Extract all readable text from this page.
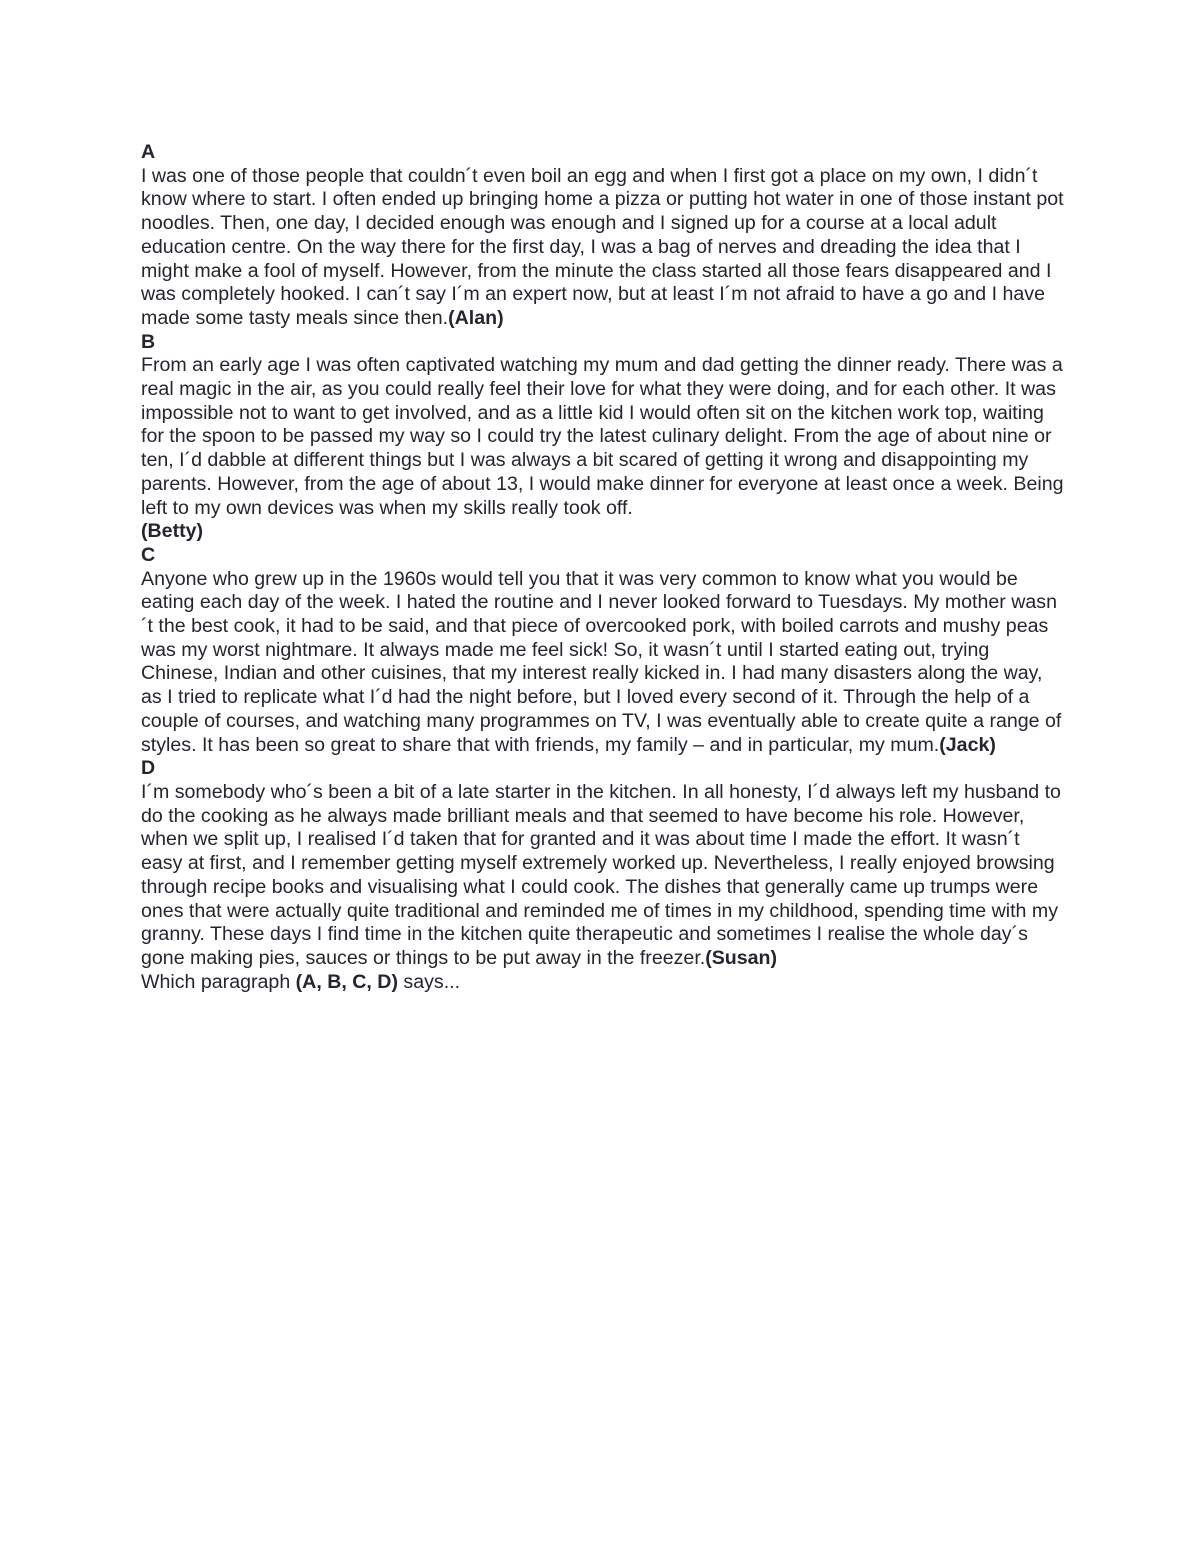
A

I was one of those people that couldn´t even boil an egg and when I first got a place on my own, I didn´t know where to start. I often ended up bringing home a pizza or putting hot water in one of those instant pot noodles. Then, one day, I decided enough was enough and I signed up for a course at a local adult education centre. On the way there for the first day, I was a bag of nerves and dreading the idea that I might make a fool of myself. However, from the minute the class started all those fears disappeared and I was completely hooked. I can´t say I´m an expert now, but at least I´m not afraid to have a go and I have made some tasty meals since then.(Alan)

B

From an early age I was often captivated watching my mum and dad getting the dinner ready. There was a real magic in the air, as you could really feel their love for what they were doing, and for each other. It was impossible not to want to get involved, and as a little kid I would often sit on the kitchen work top, waiting for the spoon to be passed my way so I could try the latest culinary delight. From the age of about nine or ten, I´d dabble at different things but I was always a bit scared of getting it wrong and disappointing my parents. However, from the age of about 13, I would make dinner for everyone at least once a week. Being left to my own devices was when my skills really took off.

(Betty)

C

Anyone who grew up in the 1960s would tell you that it was very common to know what you would be eating each day of the week. I hated the routine and I never looked forward to Tuesdays. My mother wasn´t the best cook, it had to be said, and that piece of overcooked pork, with boiled carrots and mushy peas was my worst nightmare. It always made me feel sick! So, it wasn´t until I started eating out, trying Chinese, Indian and other cuisines, that my interest really kicked in. I had many disasters along the way, as I tried to replicate what I´d had the night before, but I loved every second of it. Through the help of a couple of courses, and watching many programmes on TV, I was eventually able to create quite a range of styles. It has been so great to share that with friends, my family – and in particular, my mum.(Jack)

D

I´m somebody who´s been a bit of a late starter in the kitchen. In all honesty, I´d always left my husband to do the cooking as he always made brilliant meals and that seemed to have become his role. However, when we split up, I realised I´d taken that for granted and it was about time I made the effort. It wasn´t easy at first, and I remember getting myself extremely worked up. Nevertheless, I really enjoyed browsing through recipe books and visualising what I could cook. The dishes that generally came up trumps were ones that were actually quite traditional and reminded me of times in my childhood, spending time with my granny. These days I find time in the kitchen quite therapeutic and sometimes I realise the whole day´s gone making pies, sauces or things to be put away in the freezer.(Susan)

Which paragraph (A, B, C, D) says...
